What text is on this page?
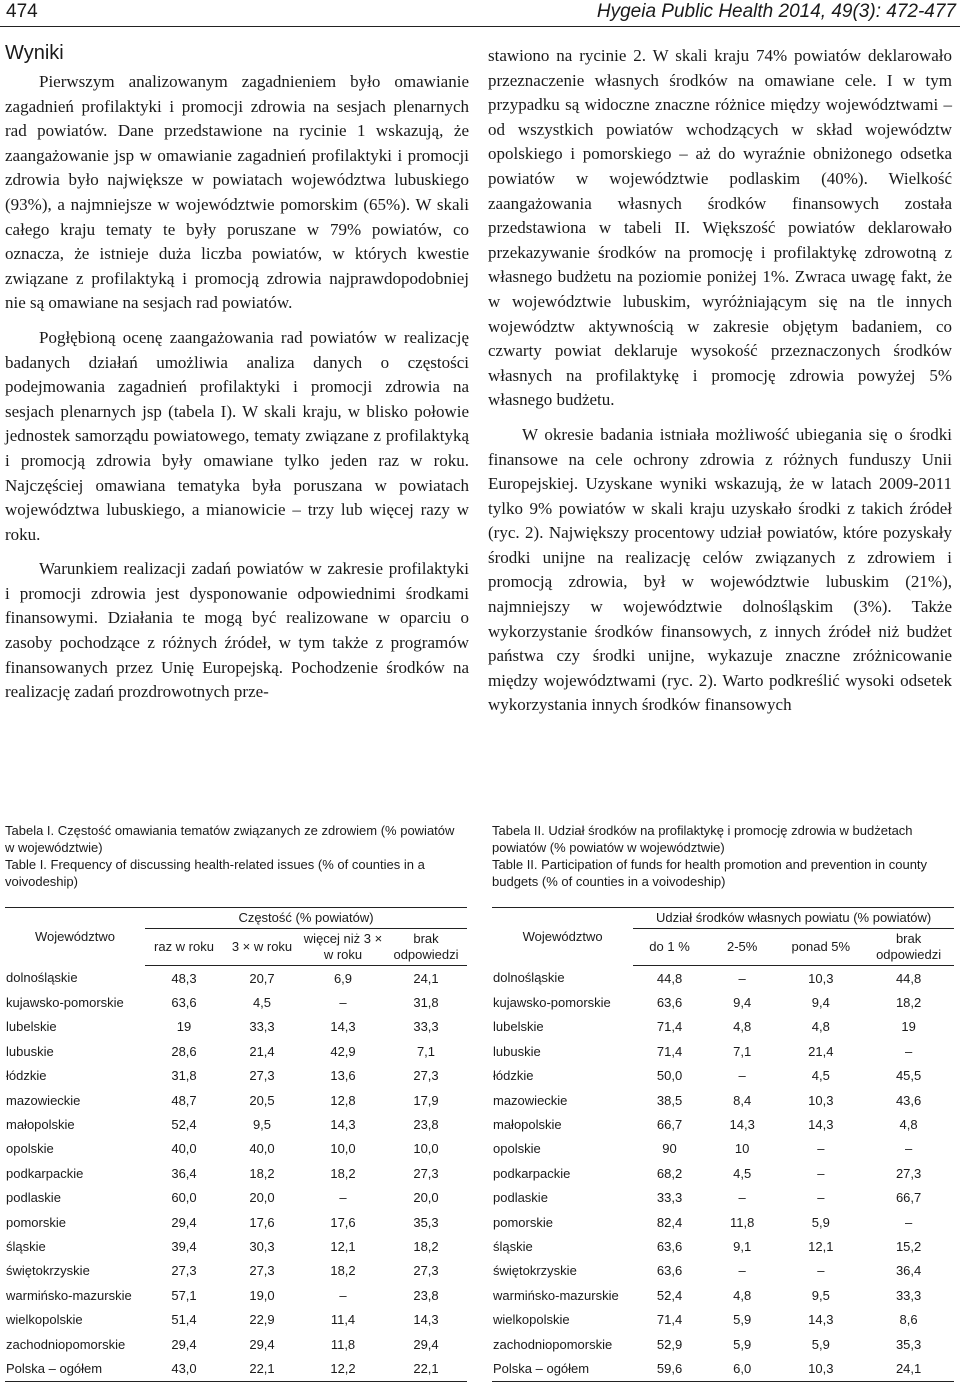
474	Hygeia Public Health 2014, 49(3): 472-477
Wyniki

Pierwszym analizowanym zagadnieniem było omawianie zagadnień profilaktyki i promocji zdrowia na sesjach plenarnych rad powiatów. Dane przedstawione na rycinie 1 wskazują, że zaangażowanie jsp w omawianie zagadnień profilaktyki i promocji zdrowia było największe w powiatach województwa lubuskiego (93%), a najmniejsze w województwie pomorskim (65%). W skali całego kraju tematy te były poruszane w 79% powiatów, co oznacza, że istnieje duża liczba powiatów, w których kwestie związane z profilaktyką i promocją zdrowia najprawdopodobniej nie są omawiane na sesjach rad powiatów.

Pogłębioną ocenę zaangażowania rad powiatów w realizację badanych działań umożliwia analiza danych o częstości podejmowania zagadnień profilaktyki i promocji zdrowia na sesjach plenarnych jsp (tabela I). W skali kraju, w blisko połowie jednostek samorządu powiatowego, tematy związane z profilaktyką i promocją zdrowia były omawiane tylko jeden raz w roku. Najczęściej omawiana tematyka była poruszana w powiatach województwa lubuskiego, a mianowicie – trzy lub więcej razy w roku.

Warunkiem realizacji zadań powiatów w zakresie profilaktyki i promocji zdrowia jest dysponowanie odpowiednimi środkami finansowymi. Działania te mogą być realizowane w oparciu o zasoby pochodzące z różnych źródeł, w tym także z programów finansowanych przez Unię Europejską. Pochodzenie środków na realizację zadań prozdrowotnych prze-

stawiono na rycinie 2. W skali kraju 74% powiatów deklarowało przeznaczenie własnych środków na omawiane cele. I w tym przypadku są widoczne znaczne różnice między województwami – od wszystkich powiatów wchodzących w skład województw opolskiego i pomorskiego – aż do wyraźnie obniżonego odsetka powiatów w województwie podlaskim (40%). Wielkość zaangażowania własnych środków finansowych została przedstawiona w tabeli II. Większość powiatów deklarowało przekazywanie środków na promocję i profilaktykę zdrowotną z własnego budżetu na poziomie poniżej 1%. Zwraca uwagę fakt, że w województwie lubuskim, wyróżniającym się na tle innych województw aktywnością w zakresie objętym badaniem, co czwarty powiat deklaruje wysokość przeznaczonych środków własnych na profilaktykę i promocję zdrowia powyżej 5% własnego budżetu.

W okresie badania istniała możliwość ubiegania się o środki finansowe na cele ochrony zdrowia z różnych funduszy Unii Europejskiej. Uzyskane wyniki wskazują, że w latach 2009-2011 tylko 9% powiatów w skali kraju uzyskało środki z takich źródeł (ryc. 2). Największy procentowy udział powiatów, które pozyskały środki unijne na realizację celów związanych z zdrowiem i promocją zdrowia, był w województwie lubuskim (21%), najmniejszy w województwie dolnośląskim (3%). Także wykorzystanie środków finansowych, z innych źródeł niż budżet państwa czy środki unijne, wykazuje znaczne zróżnicowanie między województwami (ryc. 2). Warto podkreślić wysoki odsetek wykorzystania innych środków finansowych

Tabela I. Częstość omawiania tematów związanych ze zdrowiem (% powiatów w województwie)
Table I. Frequency of discussing health-related issues (% of counties in a voivodeship)
Województwo	Częstość (% powiatów)			
	raz w roku	3 × w roku	więcej niż 3 × w roku	brak odpowiedzi
dolnośląskie	48,3	20,7	6,9	24,1
kujawsko-pomorskie	63,6	4,5	–	31,8
lubelskie	19	33,3	14,3	33,3
lubuskie	28,6	21,4	42,9	7,1
łódzkie	31,8	27,3	13,6	27,3
mazowieckie	48,7	20,5	12,8	17,9
małopolskie	52,4	9,5	14,3	23,8
opolskie	40,0	40,0	10,0	10,0
podkarpackie	36,4	18,2	18,2	27,3
podlaskie	60,0	20,0	–	20,0
pomorskie	29,4	17,6	17,6	35,3
śląskie	39,4	30,3	12,1	18,2
świętokrzyskie	27,3	27,3	18,2	27,3
warmińsko-mazurskie	57,1	19,0	–	23,8
wielkopolskie	51,4	22,9	11,4	14,3
zachodniopomorskie	29,4	29,4	11,8	29,4
Polska – ogółem	43,0	22,1	12,2	22,1
Tabela II. Udział środków na profilaktykę i promocję zdrowia w budżetach powiatów (% powiatów w województwie)
Table II. Participation of funds for health promotion and prevention in county budgets (% of counties in a voivodeship)
Województwo	Udział środków własnych powiatu (% powiatów)			
	do 1 %	2-5%	ponad 5%	brak odpowiedzi
dolnośląskie	44,8	–	10,3	44,8
kujawsko-pomorskie	63,6	9,4	9,4	18,2
lubelskie	71,4	4,8	4,8	19
lubuskie	71,4	7,1	21,4	–
łódzkie	50,0	–	4,5	45,5
mazowieckie	38,5	8,4	10,3	43,6
małopolskie	66,7	14,3	14,3	4,8
opolskie	90	10	–	–
podkarpackie	68,2	4,5	–	27,3
podlaskie	33,3	–	–	66,7
pomorskie	82,4	11,8	5,9	–
śląskie	63,6	9,1	12,1	15,2
świętokrzyskie	63,6	–	–	36,4
warmińsko-mazurskie	52,4	4,8	9,5	33,3
wielkopolskie	71,4	5,9	14,3	8,6
zachodniopomorskie	52,9	5,9	5,9	35,3
Polska – ogółem	59,6	6,0	10,3	24,1
